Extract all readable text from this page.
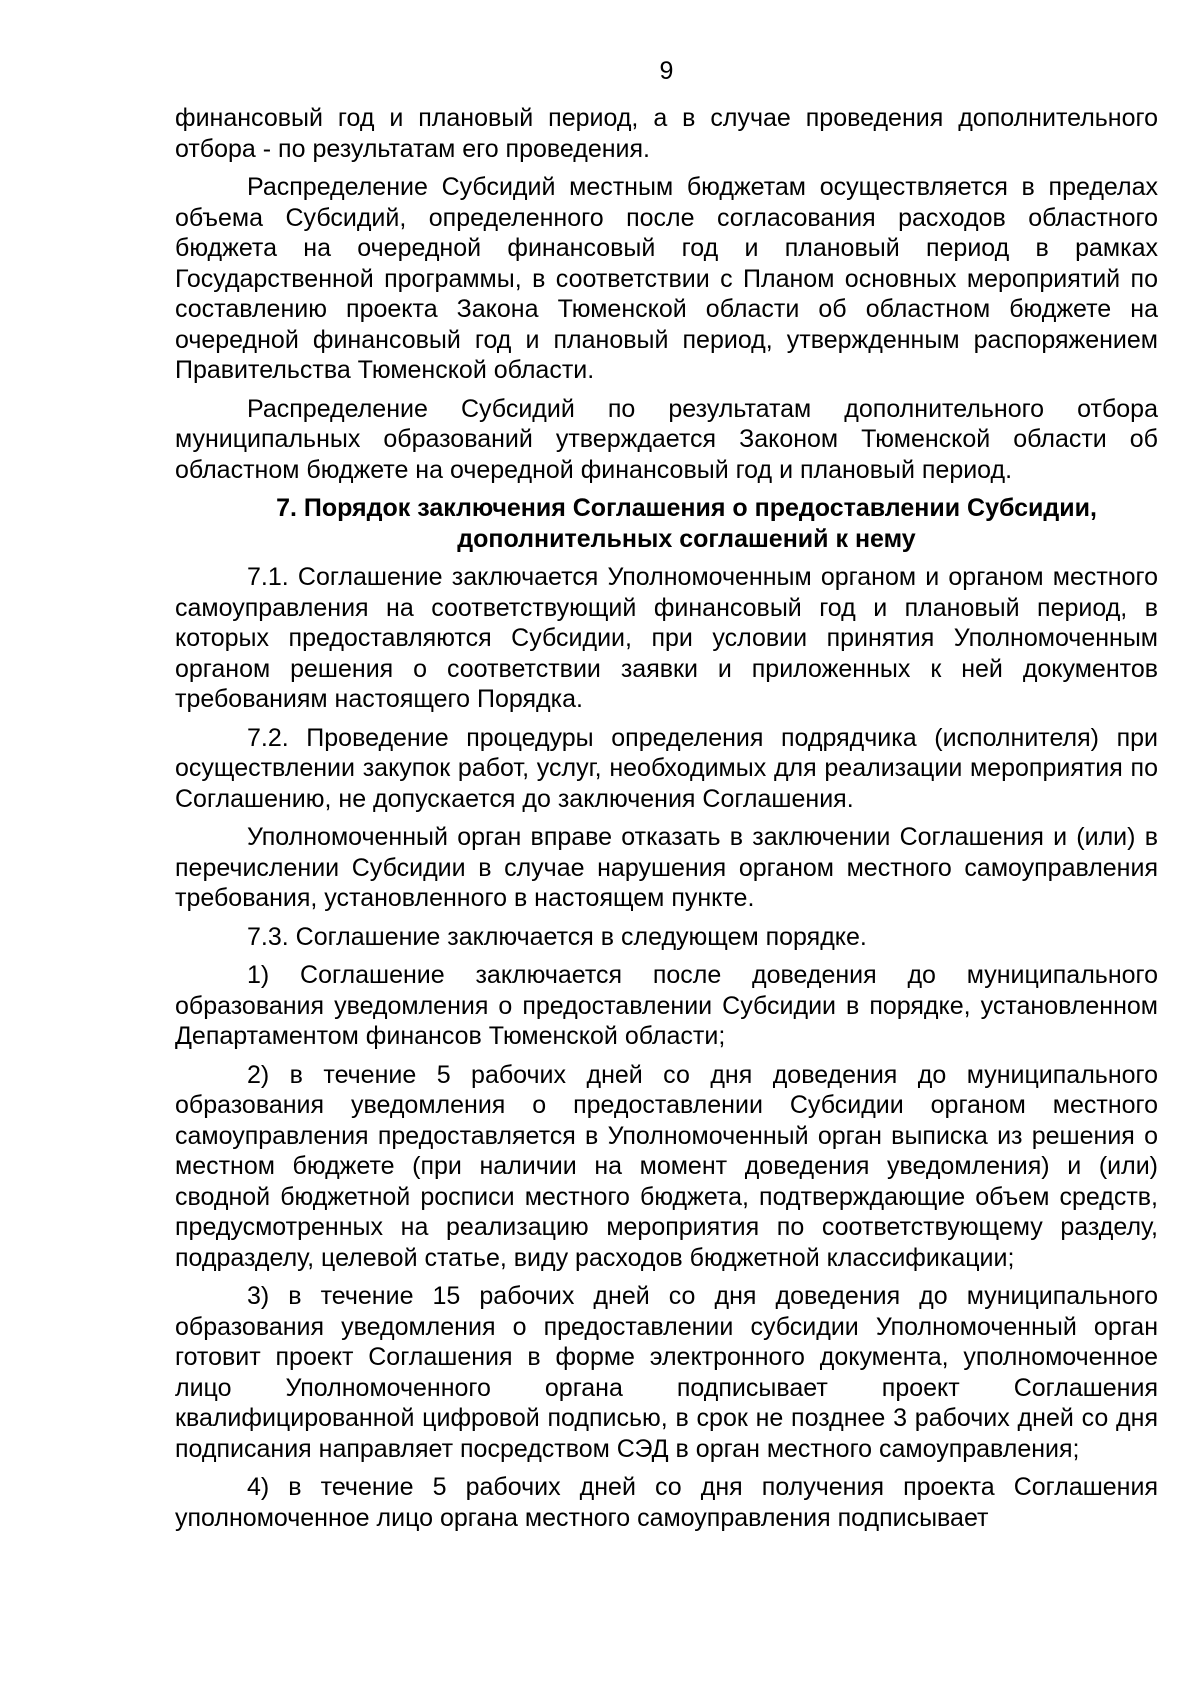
9

финансовый год и плановый период, а в случае проведения дополнительного отбора - по результатам его проведения.

Распределение Субсидий местным бюджетам осуществляется в пределах объема Субсидий, определенного после согласования расходов областного бюджета на очередной финансовый год и плановый период в рамках Государственной программы, в соответствии с Планом основных мероприятий по составлению проекта Закона Тюменской области об областном бюджете на очередной финансовый год и плановый период, утвержденным распоряжением Правительства Тюменской области.

Распределение Субсидий по результатам дополнительного отбора муниципальных образований утверждается Законом Тюменской области об областном бюджете на очередной финансовый год и плановый период.

7. Порядок заключения Соглашения о предоставлении Субсидии, дополнительных соглашений к нему

7.1. Соглашение заключается Уполномоченным органом и органом местного самоуправления на соответствующий финансовый год и плановый период, в которых предоставляются Субсидии, при условии принятия Уполномоченным органом решения о соответствии заявки и приложенных к ней документов требованиям настоящего Порядка.

7.2. Проведение процедуры определения подрядчика (исполнителя) при осуществлении закупок работ, услуг, необходимых для реализации мероприятия по Соглашению, не допускается до заключения Соглашения.

Уполномоченный орган вправе отказать в заключении Соглашения и (или) в перечислении Субсидии в случае нарушения органом местного самоуправления требования, установленного в настоящем пункте.

7.3. Соглашение заключается в следующем порядке.

1) Соглашение заключается после доведения до муниципального образования уведомления о предоставлении Субсидии в порядке, установленном Департаментом финансов Тюменской области;

2) в течение 5 рабочих дней со дня доведения до муниципального образования уведомления о предоставлении Субсидии органом местного самоуправления предоставляется в Уполномоченный орган выписка из решения о местном бюджете (при наличии на момент доведения уведомления) и (или) сводной бюджетной росписи местного бюджета, подтверждающие объем средств, предусмотренных на реализацию мероприятия по соответствующему разделу, подразделу, целевой статье, виду расходов бюджетной классификации;

3) в течение 15 рабочих дней со дня доведения до муниципального образования уведомления о предоставлении субсидии Уполномоченный орган готовит проект Соглашения в форме электронного документа, уполномоченное лицо Уполномоченного органа подписывает проект Соглашения квалифицированной цифровой подписью, в срок не позднее 3 рабочих дней со дня подписания направляет посредством СЭД в орган местного самоуправления;

4) в течение 5 рабочих дней со дня получения проекта Соглашения уполномоченное лицо органа местного самоуправления подписывает
